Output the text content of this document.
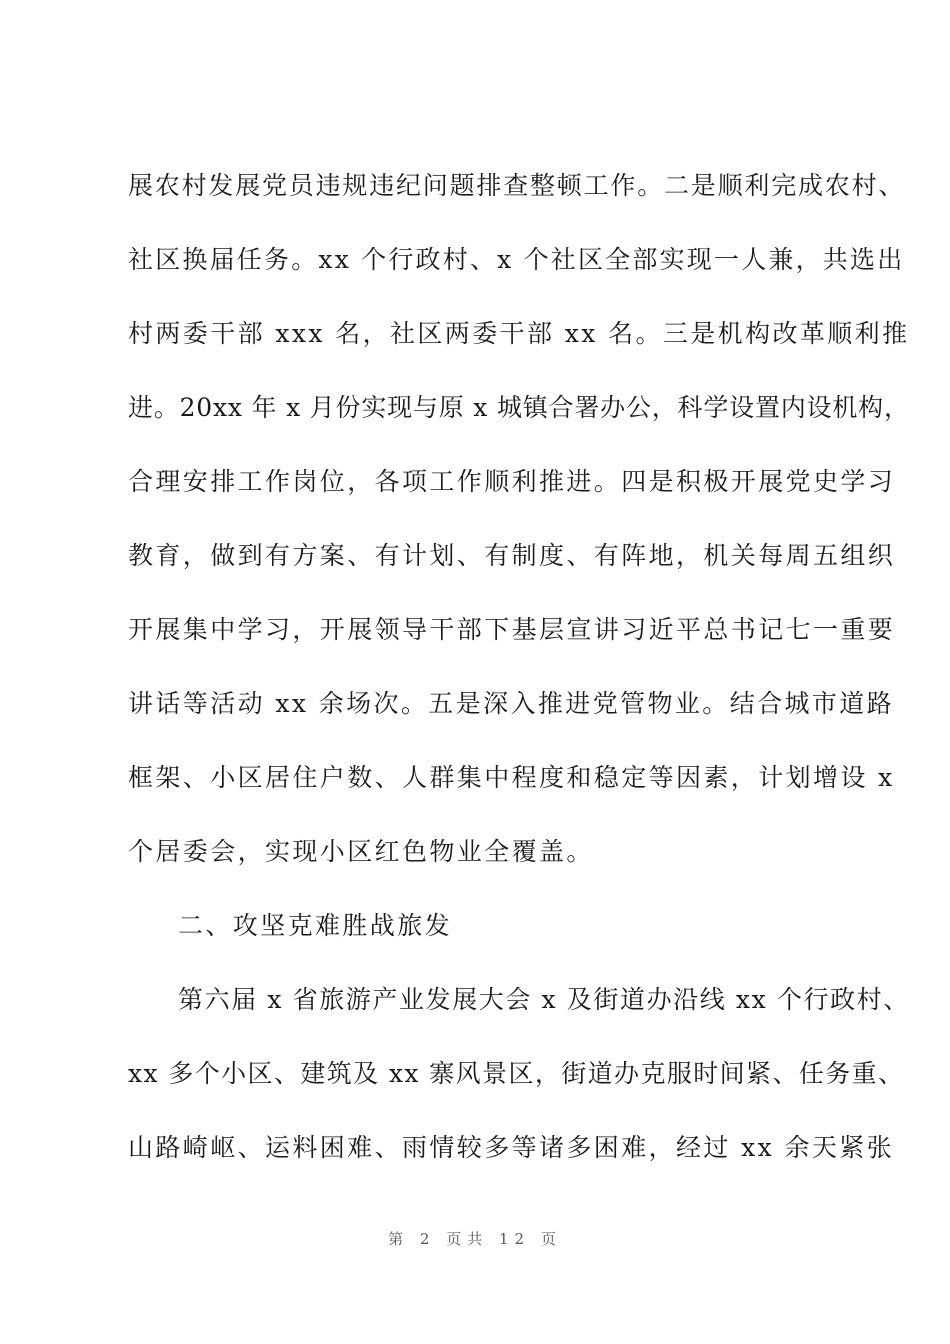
展农村发展党员违规违纪问题排查整顿工作。二是顺利完成农村、
社区换届任务。xx 个行政村、x 个社区全部实现一人兼，共选出
村两委干部 xxx 名，社区两委干部 xx 名。三是机构改革顺利推
进。20xx 年 x 月份实现与原 x 城镇合署办公，科学设置内设机构，
合理安排工作岗位，各项工作顺利推进。四是积极开展党史学习
教育，做到有方案、有计划、有制度、有阵地，机关每周五组织
开展集中学习，开展领导干部下基层宣讲习近平总书记七一重要
讲话等活动 xx 余场次。五是深入推进党管物业。结合城市道路
框架、小区居住户数、人群集中程度和稳定等因素，计划增设 x
个居委会，实现小区红色物业全覆盖。
二、攻坚克难胜战旅发
第六届 x 省旅游产业发展大会 x 及街道办沿线 xx 个行政村、
xx 多个小区、建筑及 xx 寨风景区，街道办克服时间紧、任务重、
山路崎岖、运料困难、雨情较多等诸多困难，经过 xx 余天紧张
第 2 页共 12 页
